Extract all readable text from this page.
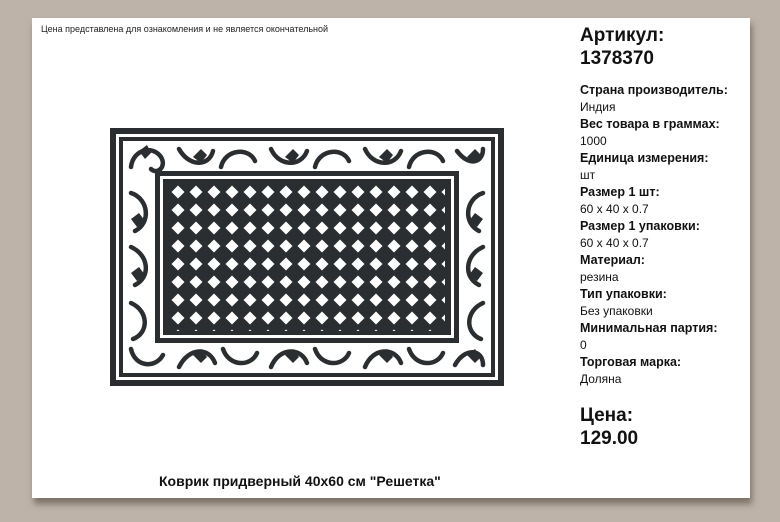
Цена представлена для ознакомления и не является окончательной
Коврик придверный 40х60 см "Решетка"
Артикул:
1378370
Страна производитель:
Индия
Вес товара в граммах:
1000
Единица измерения:
шт
Размер 1 шт:
60 х 40 х 0.7
Размер 1 упаковки:
60 х 40 х 0.7
Материал:
резина
Тип упаковки:
Без упаковки
Минимальная партия:
0
Торговая марка:
Доляна
Цена:
129.00
